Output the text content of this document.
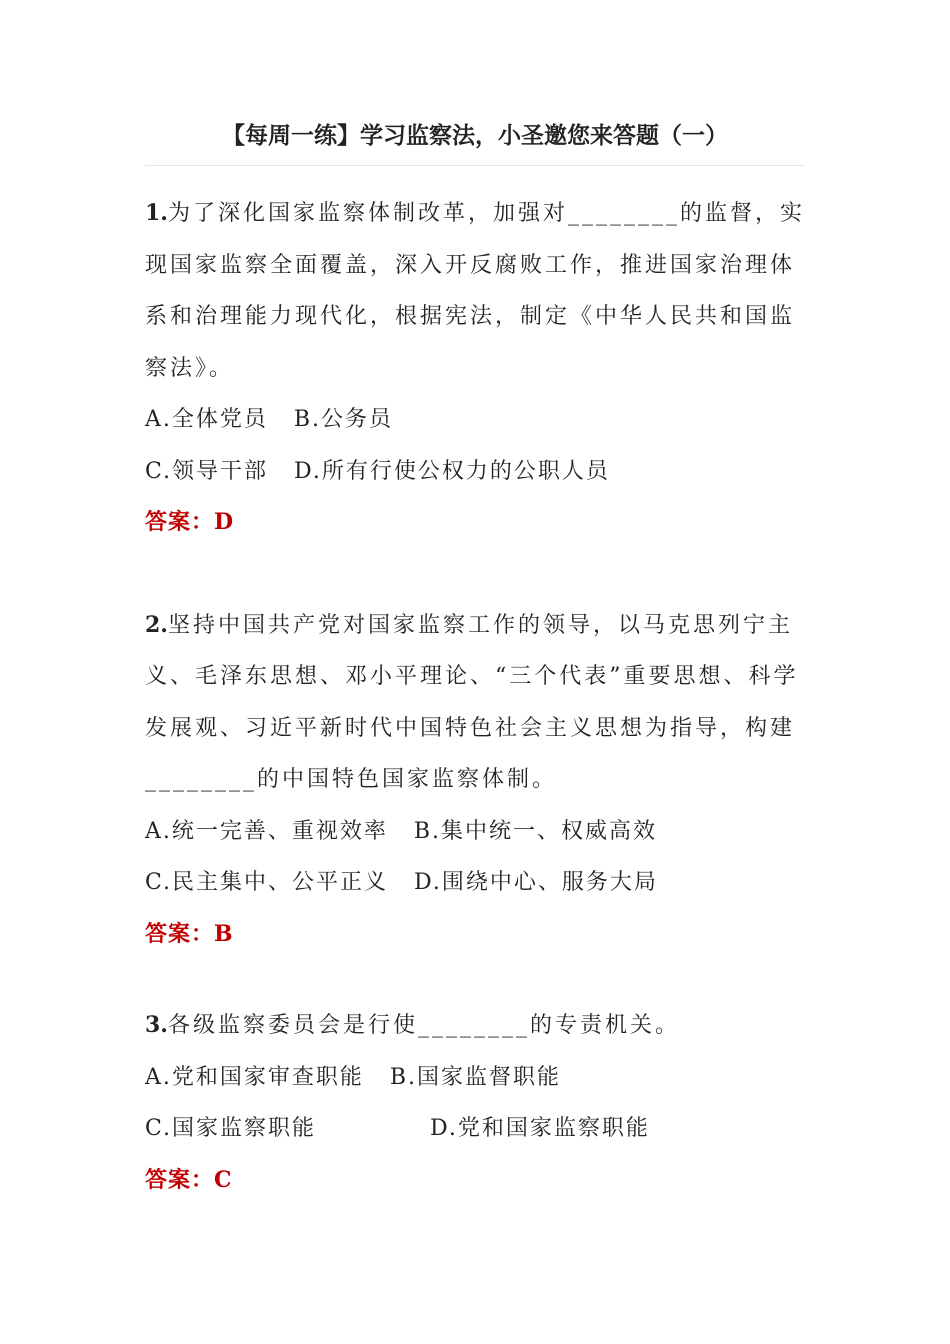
【每周一练】学习监察法，小圣邀您来答题（一）

1.为了深化国家监察体制改革，加强对________的监督，实现国家监察全面覆盖，深入开反腐败工作，推进国家治理体系和治理能力现代化，根据宪法，制定《中华人民共和国监察法》。

A.全体党员 B.公务员

C.领导干部 D.所有行使公权力的公职人员

答案：D

2.坚持中国共产党对国家监察工作的领导，以马克思列宁主义、毛泽东思想、邓小平理论、“三个代表”重要思想、科学发展观、习近平新时代中国特色社会主义思想为指导，构建________的中国特色国家监察体制。

A.统一完善、重视效率 B.集中统一、权威高效

C.民主集中、公平正义 D.围绕中心、服务大局

答案：B

3.各级监察委员会是行使________的专责机关。

A.党和国家审查职能 B.国家监督职能

C.国家监察职能	D.党和国家监察职能

答案：C
